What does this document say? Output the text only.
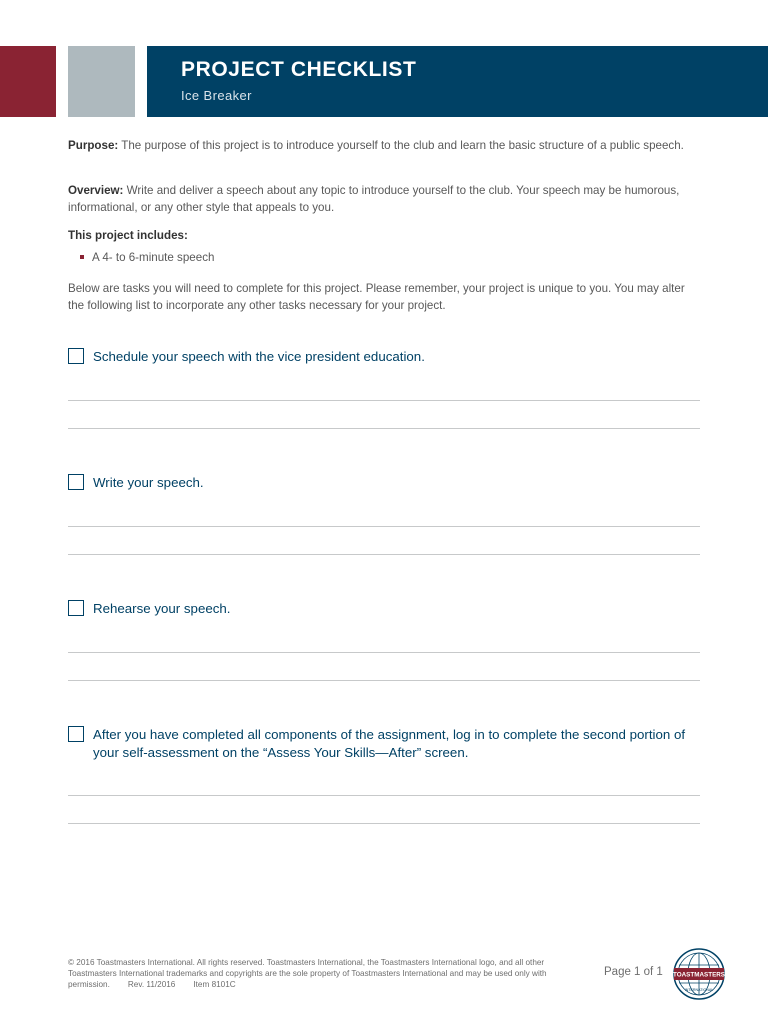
PROJECT CHECKLIST
Ice Breaker

Purpose: The purpose of this project is to introduce yourself to the club and learn the basic structure of a public speech.

Overview: Write and deliver a speech about any topic to introduce yourself to the club. Your speech may be humorous, informational, or any other style that appeals to you.

This project includes:
A 4- to 6-minute speech

Below are tasks you will need to complete for this project. Please remember, your project is unique to you. You may alter the following list to incorporate any other tasks necessary for your project.

Schedule your speech with the vice president education.

Write your speech.

Rehearse your speech.

After you have completed all components of the assignment, log in to complete the second portion of your self-assessment on the “Assess Your Skills—After” screen.

© 2016 Toastmasters International. All rights reserved. Toastmasters International, the Toastmasters International logo, and all other Toastmasters International trademarks and copyrights are the sole property of Toastmasters International and may be used only with permission. Rev. 11/2016 Item 8101C

Page 1 of 1 TOASTMASTERS
INTERNATIONAL
